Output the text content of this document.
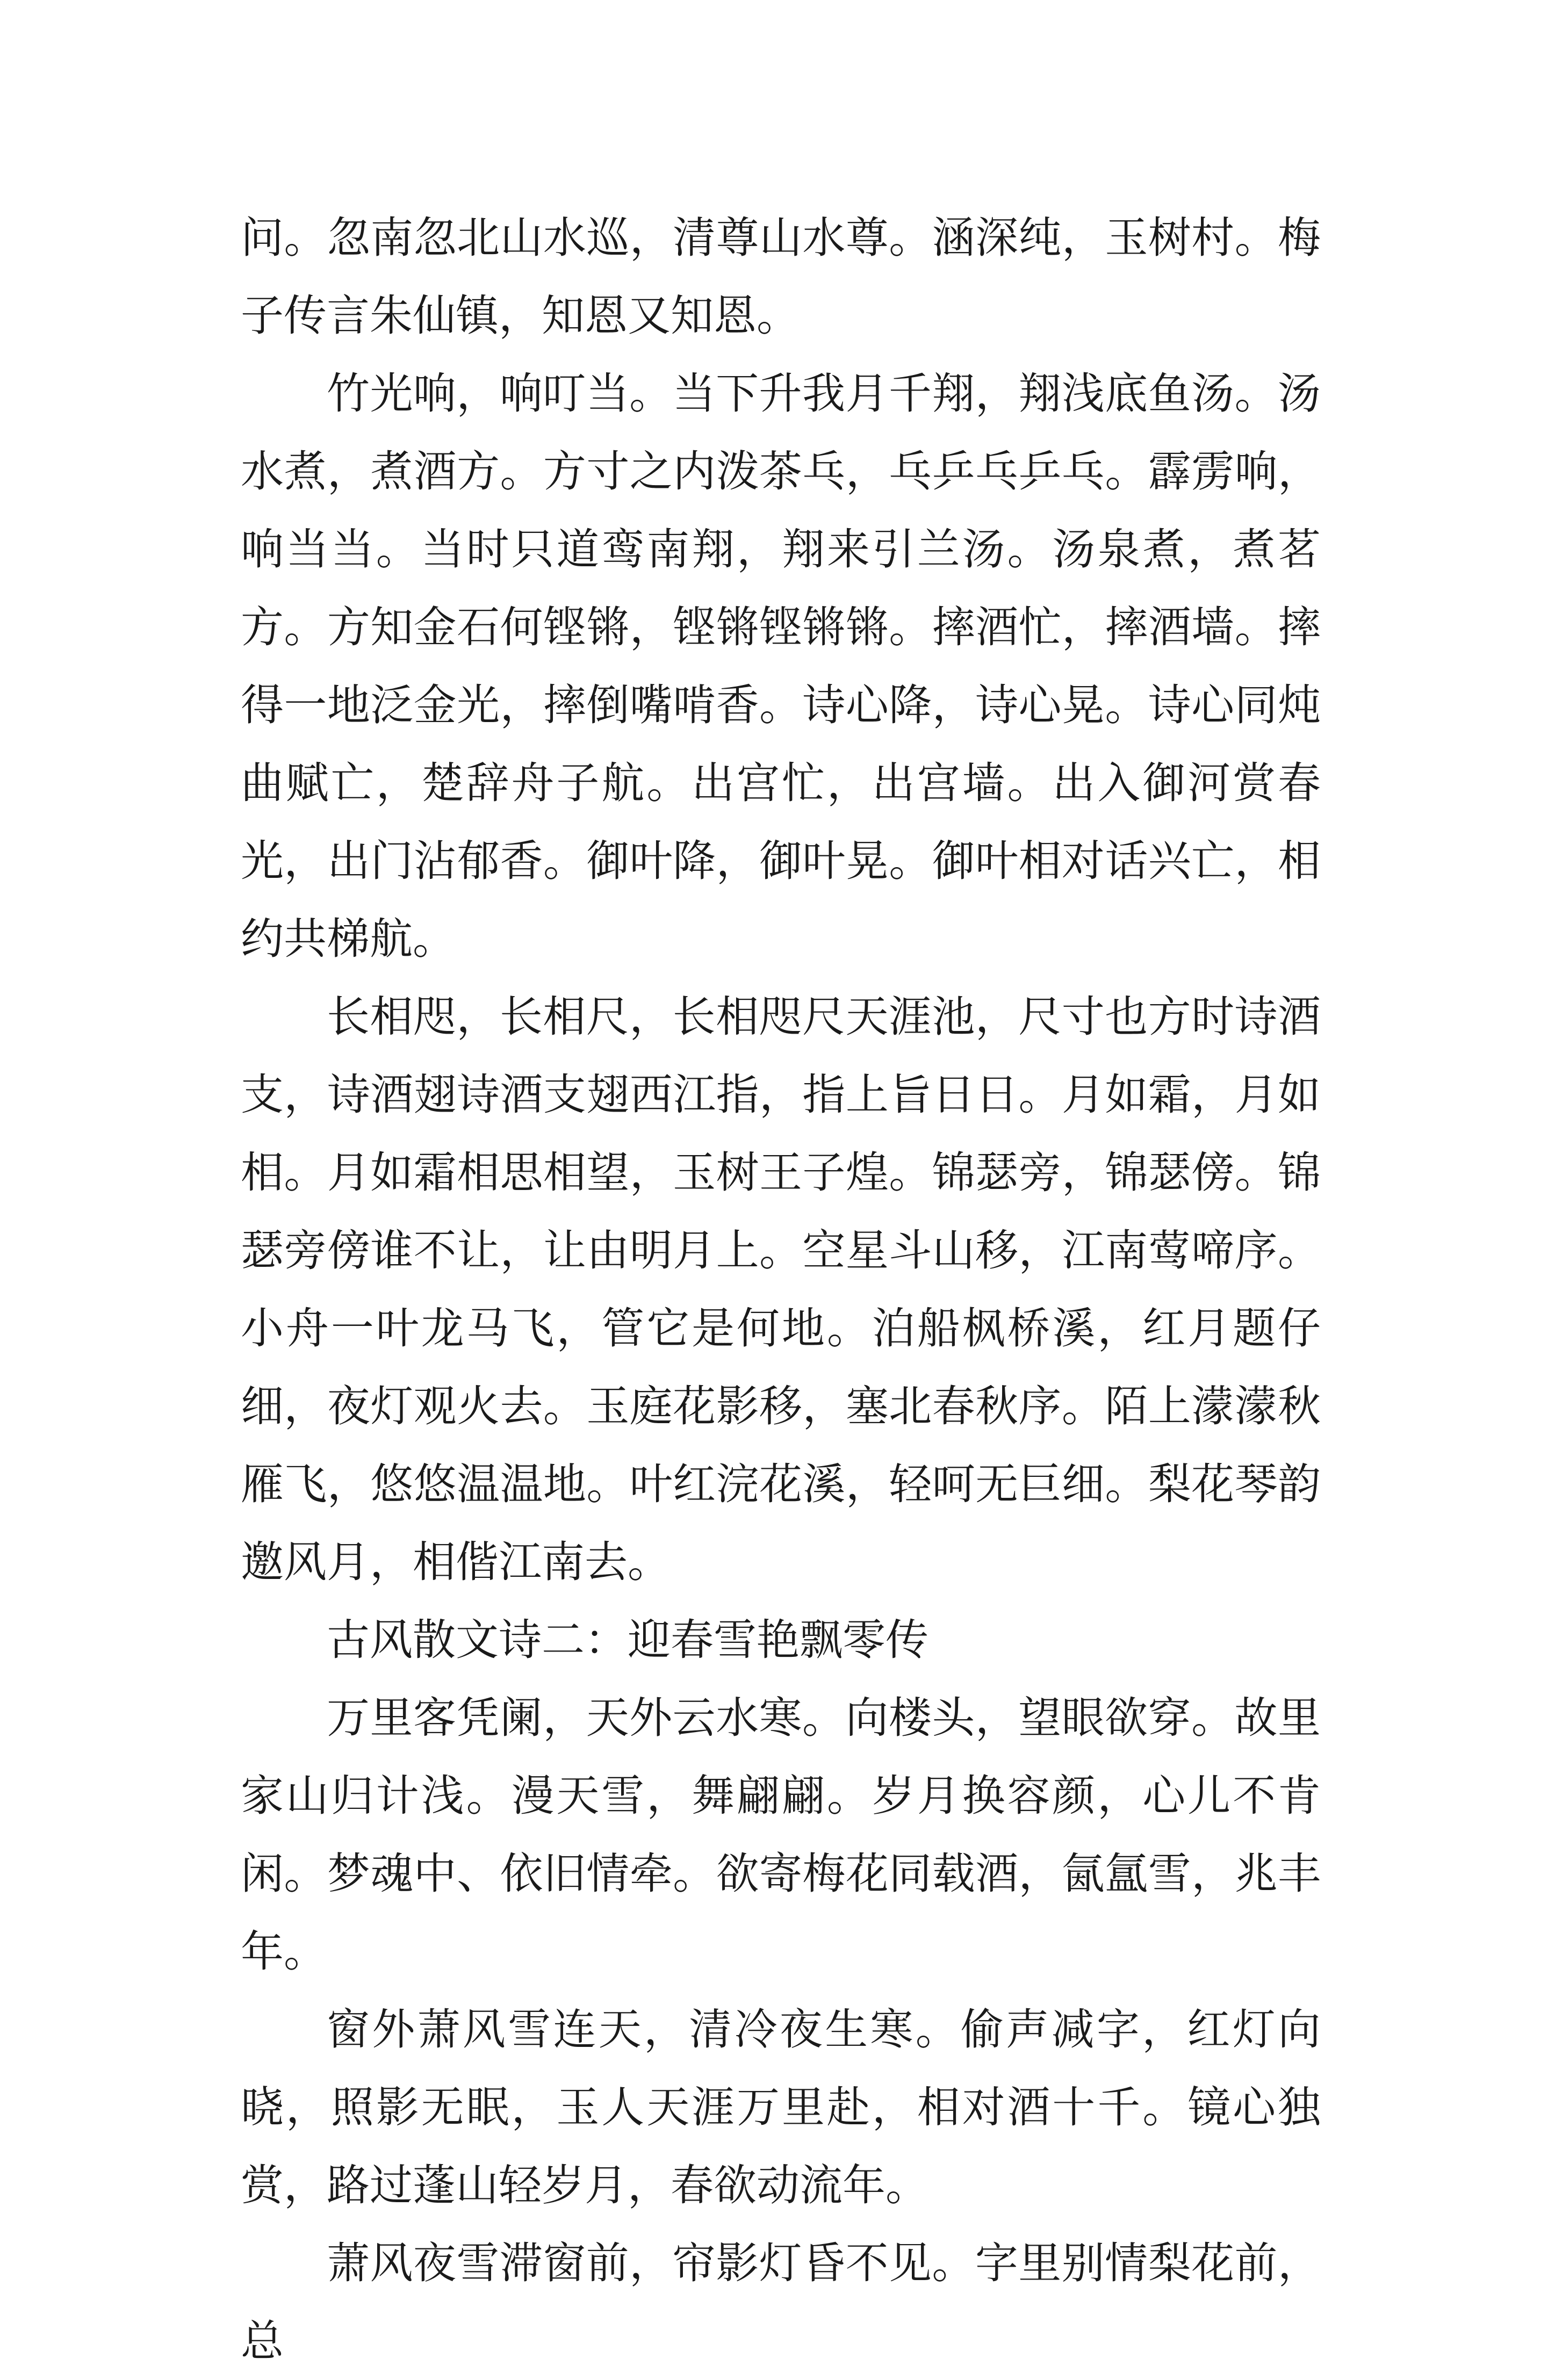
问。忽南忽北山水巡，清尊山水尊。涵深纯，玉树村。梅子传言朱仙镇，知恩又知恩。

竹光响，响叮当。当下升我月千翔，翔浅底鱼汤。汤水煮，煮酒方。方寸之内泼茶乓，乓乒乓乒乓。霹雳响，响当当。当时只道鸾南翔，翔来引兰汤。汤泉煮，煮茗方。方知金石何铿锵，铿锵铿锵锵。摔酒忙，摔酒墙。摔得一地泛金光，摔倒嘴啃香。诗心降，诗心晃。诗心同炖曲赋亡，楚辞舟子航。出宫忙，出宫墙。出入御河赏春光，出门沾郁香。御叶降，御叶晃。御叶相对话兴亡，相约共梯航。

长相咫，长相尺，长相咫尺天涯池，尺寸也方时诗酒支，诗酒翅诗酒支翅西江指，指上旨日日。月如霜，月如相。月如霜相思相望，玉树王子煌。锦瑟旁，锦瑟傍。锦瑟旁傍谁不让，让由明月上。空星斗山移，江南莺啼序。小舟一叶龙马飞，管它是何地。泊船枫桥溪，红月题仔细，夜灯观火去。玉庭花影移，塞北春秋序。陌上濛濛秋雁飞，悠悠温温地。叶红浣花溪，轻呵无巨细。梨花琴韵邀风月，相偕江南去。

古风散文诗二：迎春雪艳飘零传

万里客凭阑，天外云水寒。向楼头，望眼欲穿。故里家山归计浅。漫天雪，舞翩翩。岁月换容颜，心儿不肯闲。梦魂中、依旧情牵。欲寄梅花同载酒，氤氲雪，兆丰年。

窗外萧风雪连天，清冷夜生寒。偷声减字，红灯向晓，照影无眠，玉人天涯万里赴，相对酒十千。镜心独赏，路过蓬山轻岁月，春欲动流年。

萧风夜雪滞窗前，帘影灯昏不见。字里别情梨花前，总
